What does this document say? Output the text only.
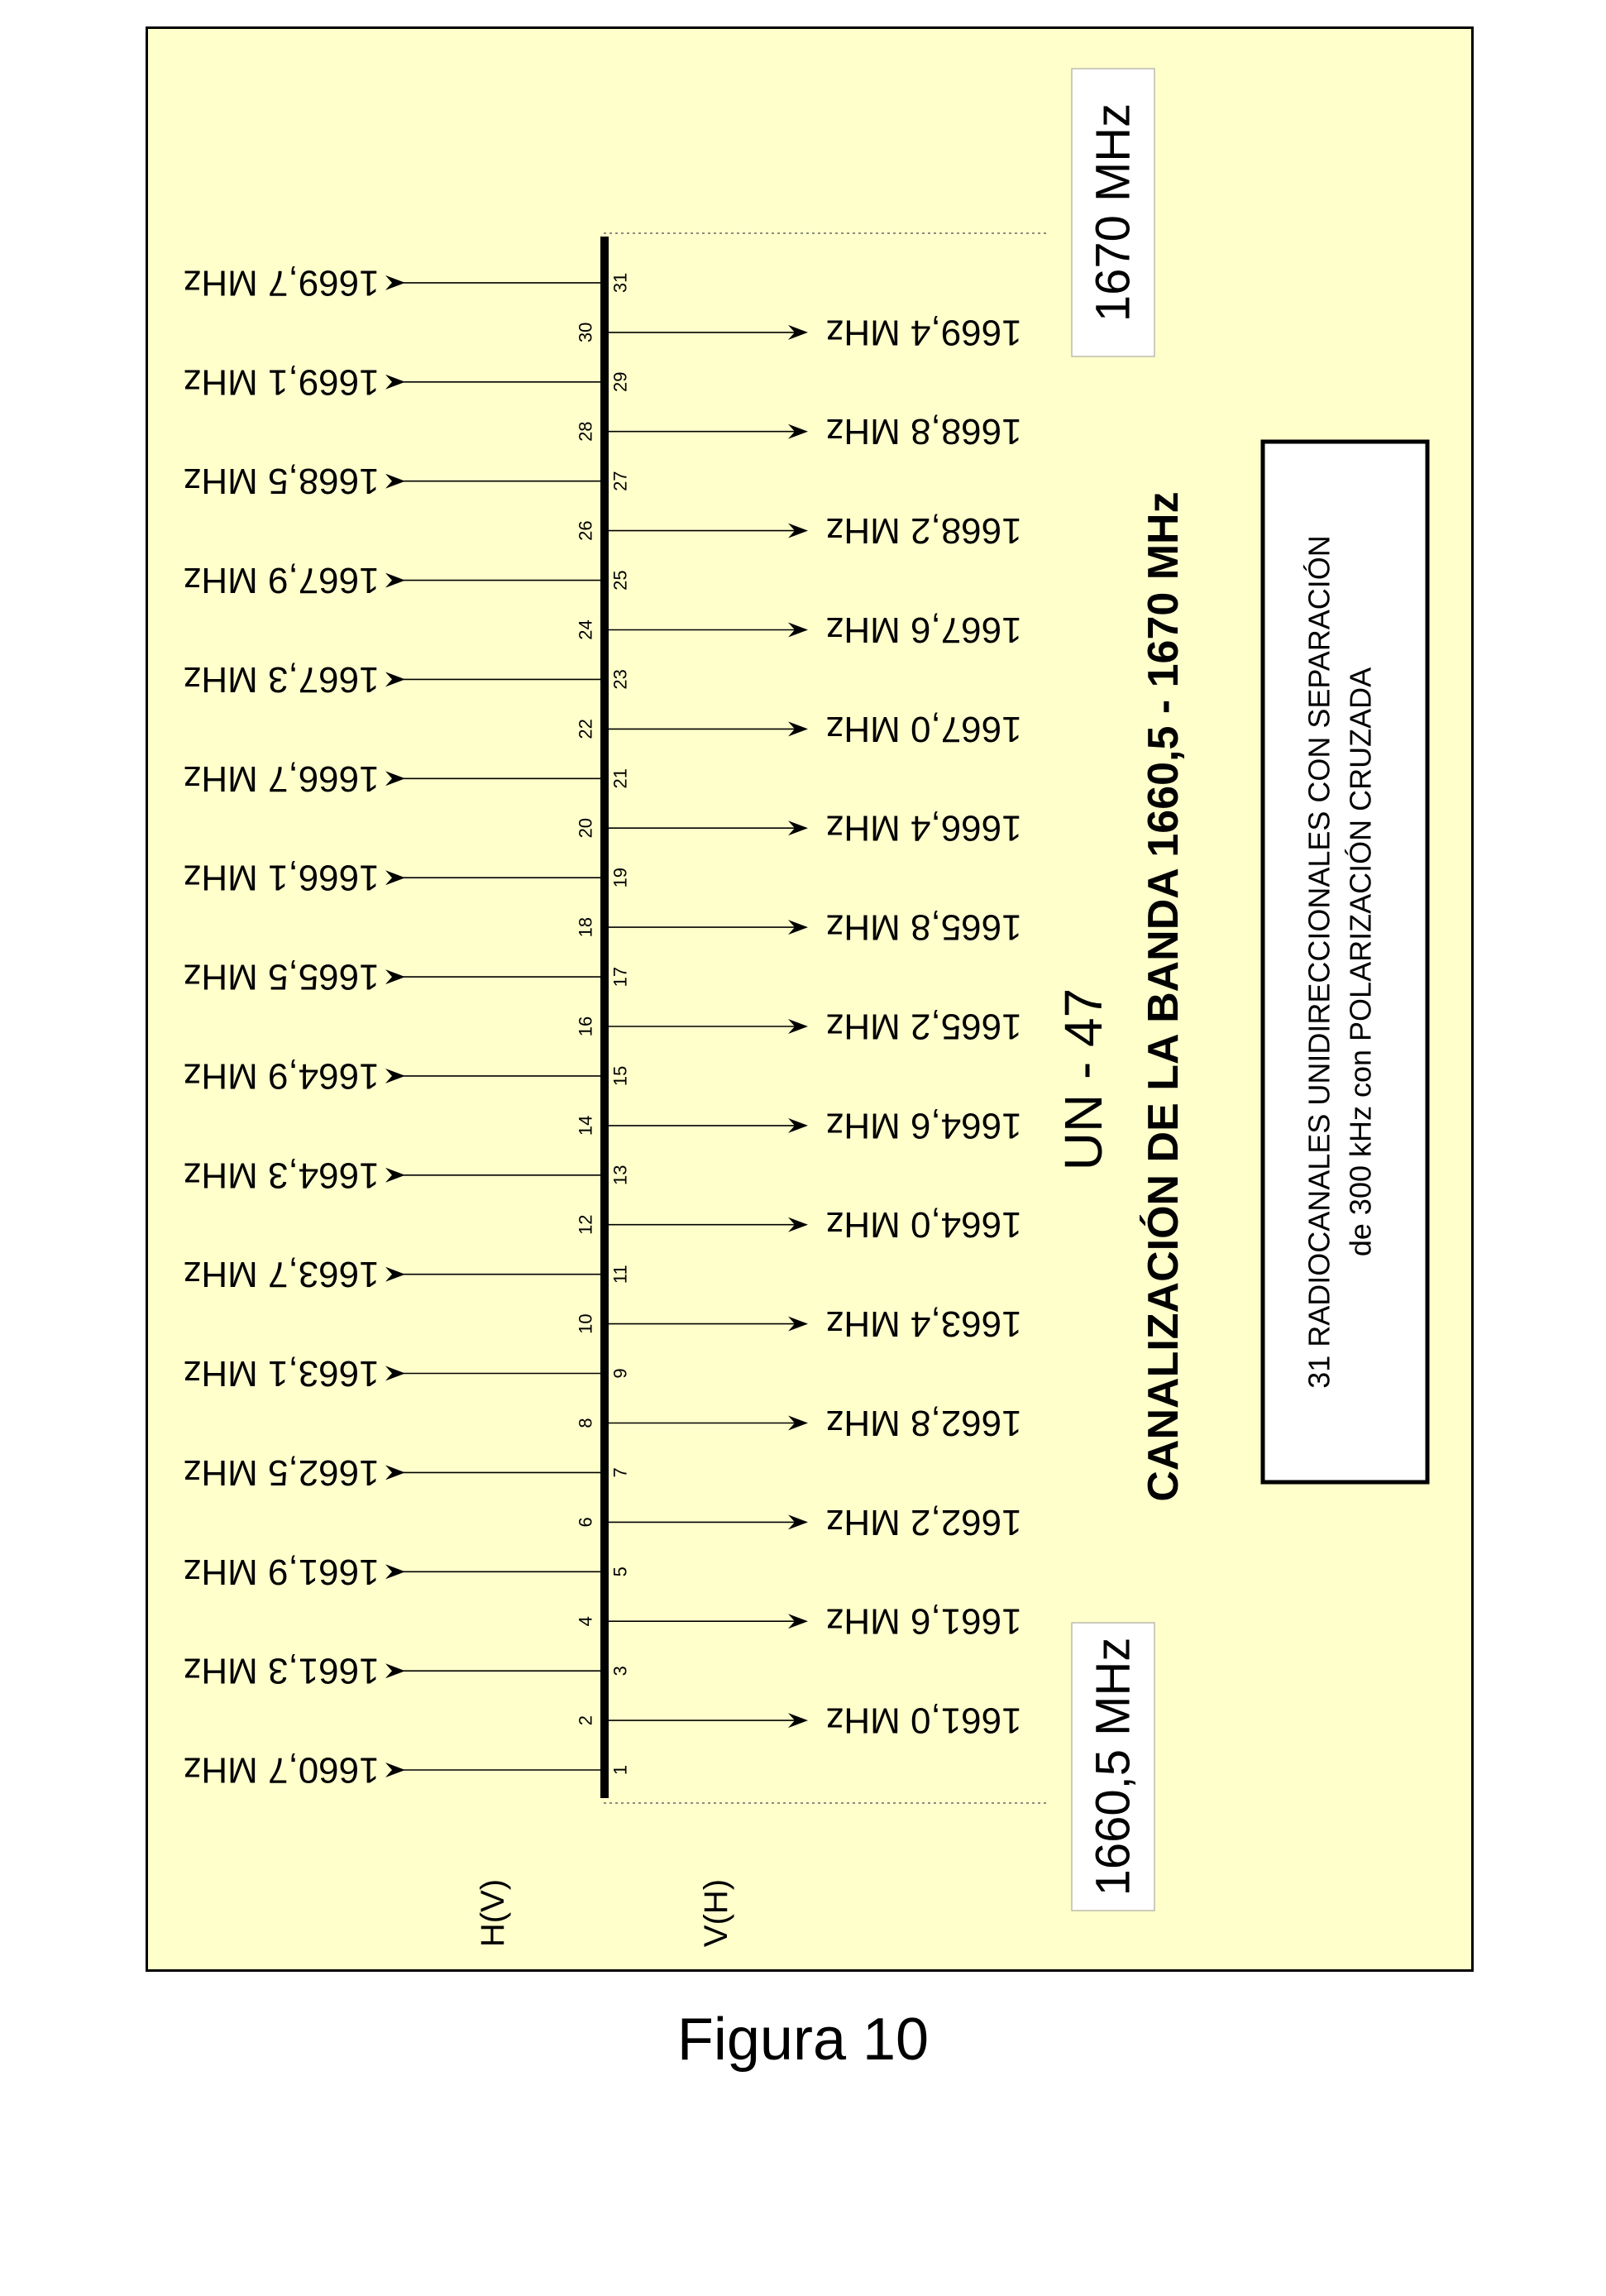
1
1660,7 MHz
3
1661,3 MHz
5
1661,9 MHz
7
1662,5 MHz
9
1663,1 MHz
11
1663,7 MHz
13
1664,3 MHz
15
1664,9 MHz
17
1665,5 MHz
19
1666,1 MHz
21
1666,7 MHz
23
1667,3 MHz
25
1667,9 MHz
27
1668,5 MHz
29
1669,1 MHz
31
1669,7 MHz
2	1661,0 MHz
4	1661,6 MHz
6	1662,2 MHz
8	1662,8 MHz
10	1663,4 MHz
12	1664,0 MHz
14	1664,6 MHz
16	1665,2 MHz
18	1665,8 MHz
20	1666,4 MHz
22	1667,0 MHz
24	1667,6 MHz
26	1668,2 MHz
28	1668,8 MHz
30	1669,4 MHz
1670 MHz
1660,5 MHz
UN - 47 CANALIZACIÓN DE LA BANDA 1660,5 - 1670 MHz	31 RADIOCANALES UNIDIRECCIONALES CON SEPARACIÓN de 300 kHz con POLARIZACIÓN CRUZADA
H(V)	V(H)
Figura 10
